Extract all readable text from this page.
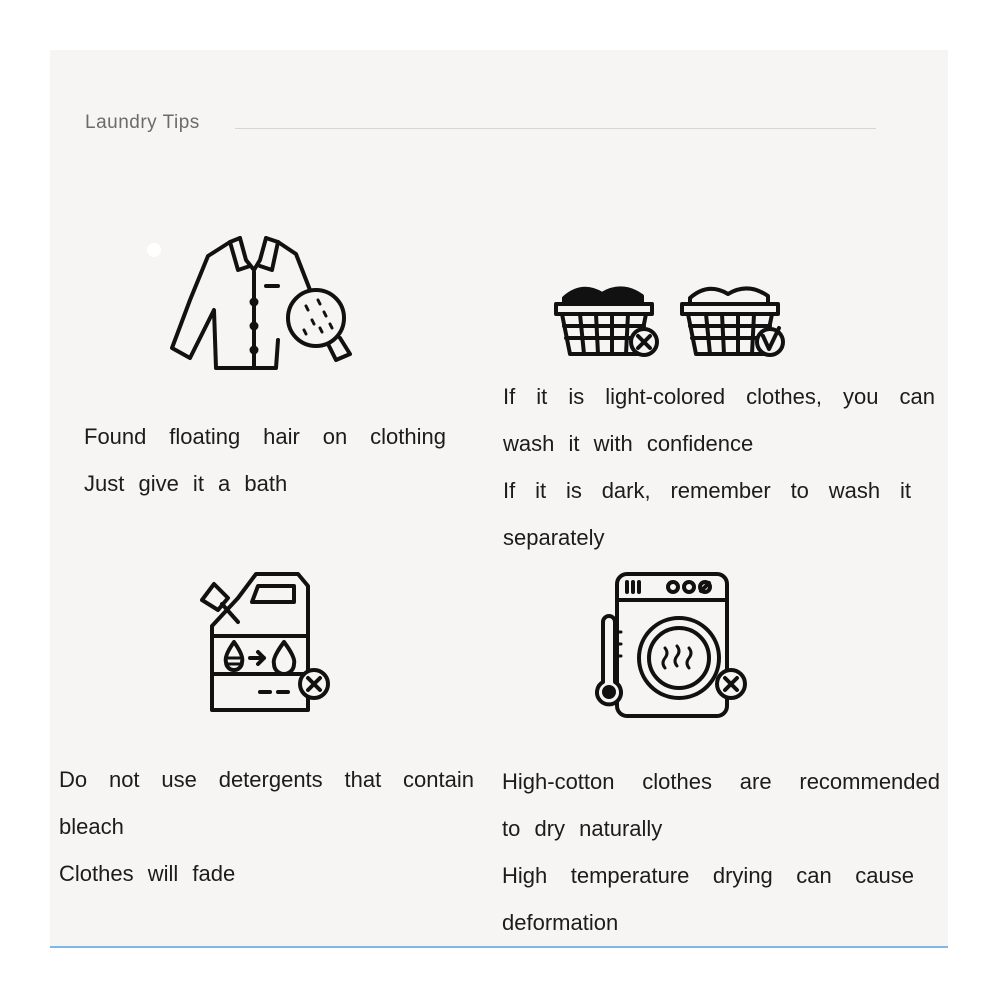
Laundry Tips

Found floating hair on clothing

Just give it a bath

If it is light-colored clothes, you can

wash it with confidence

If it is dark, remember to wash it

separately

Do not use detergents that contain

bleach

Clothes will fade

High-cotton clothes are recommended

to dry naturally

High temperature drying can cause

deformation
